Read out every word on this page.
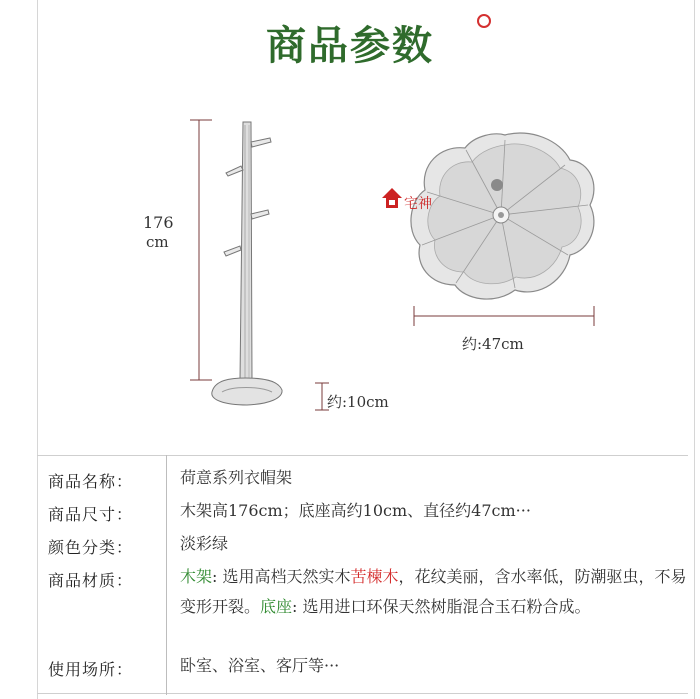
商品参数
宅神
176
cm
约:10cm
约:47cm
商品名称：	荷意系列衣帽架
商品尺寸：	木架高176cm；底座高约10cm、直径约47cm···
颜色分类：	淡彩绿
商品材质：	木架: 选用高档天然实木苦楝木，花纹美丽，含水率低，防潮驱虫，不易变形开裂。底座: 选用进口环保天然树脂混合玉石粉合成。
使用场所：	卧室、浴室、客厅等···
